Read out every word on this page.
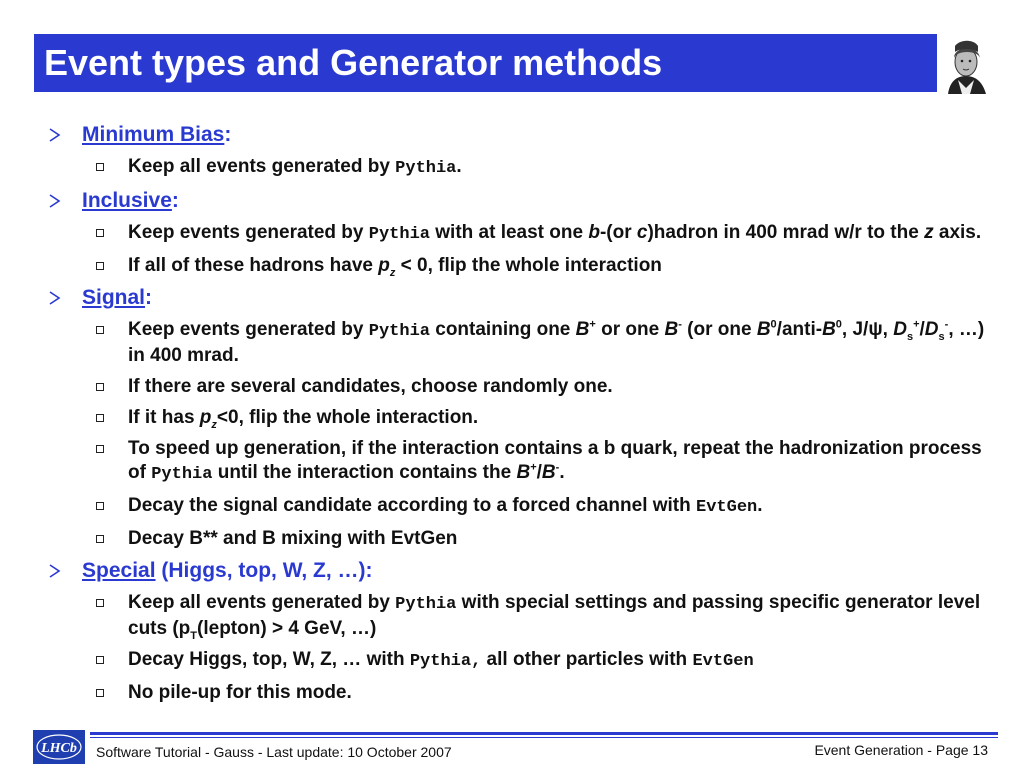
Event types and Generator methods
Minimum Bias:
Keep all events generated by Pythia.
Inclusive:
Keep events generated by Pythia with at least one b-(or c)hadron in 400 mrad w/r to the z axis.
If all of these hadrons have $p_z < 0$, flip the whole interaction
Signal:
Keep events generated by Pythia containing one B+ or one B- (or one $B^0/anti-B^0$, J/ψ, $D_s^+/D_s^-$, …) in 400 mrad.
If there are several candidates, choose randomly one.
If it has $p_z<0$, flip the whole interaction.
To speed up generation, if the interaction contains a b quark, repeat the hadronization process of Pythia until the interaction contains the B+/B-.
Decay the signal candidate according to a forced channel with EvtGen.
Decay B** and B mixing with EvtGen
Special (Higgs, top, W, Z, …):
Keep all events generated by Pythia with special settings and passing specific generator level cuts ($p_T(lepton) > 4$ GeV, …)
Decay Higgs, top, W, Z, … with Pythia, all other particles with EvtGen
No pile-up for this mode.
LHCb Software Tutorial - Gauss - Last update: 10 October 2007	Event Generation - Page 13
